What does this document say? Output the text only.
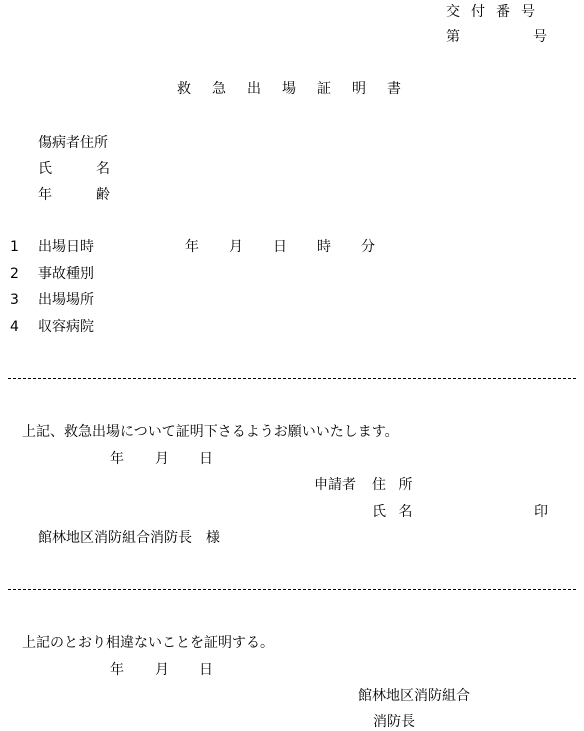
交付番号
第	号
救急出場証明書
傷病者住所
氏	名
年	齢
1 出場日時	年 月 日 時 分
2 事故種別
3 出場場所
4 収容病院
上記、救急出場について証明下さるようお願いいたします。
年 月 日
申請者 住 所
氏 名	印
館林地区消防組合消防長　様
上記のとおり相違ないことを証明する。
年 月 日
館林地区消防組合
消防長
